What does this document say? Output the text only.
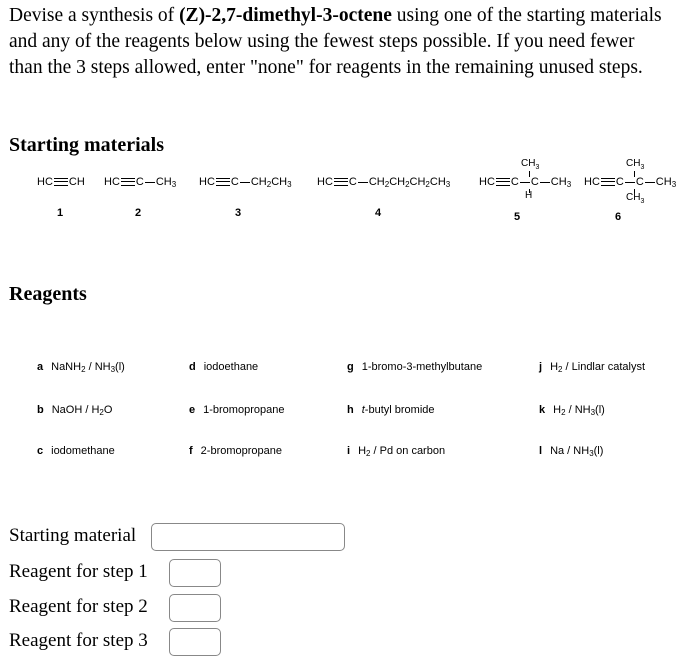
Devise a synthesis of (Z)-2,7-dimethyl-3-octene using one of the starting materials and any of the reagents below using the fewest steps possible. If you need fewer than the 3 steps allowed, enter "none" for reagents in the remaining unused steps.
Starting materials
HC CH
1
HC C $CH_3$
2
HC C $CH_2CH_3$
3
HC C $CH_2CH_2CH_2CH_3$
4
HC C C $CH_3$
$CH_3$
H
5
HC C C $CH_3$
$CH_3$
$CH_3$
6
Reagents
a NaNH$_2$ / $NH_3(l)$
b NaOH / $H_2O$
c iodomethane
d iodoethane
e 1-bromopropane
f 2-bromopropane
g 1-bromo-3-methylbutane
h t-butyl bromide
i $H_2$ / Pd on carbon
j $H_2$ / Lindlar catalyst
k $H_2 / NH_3(l)$
l Na / $NH_3(l)$
Starting material
Reagent for step 1
Reagent for step 2
Reagent for step 3
